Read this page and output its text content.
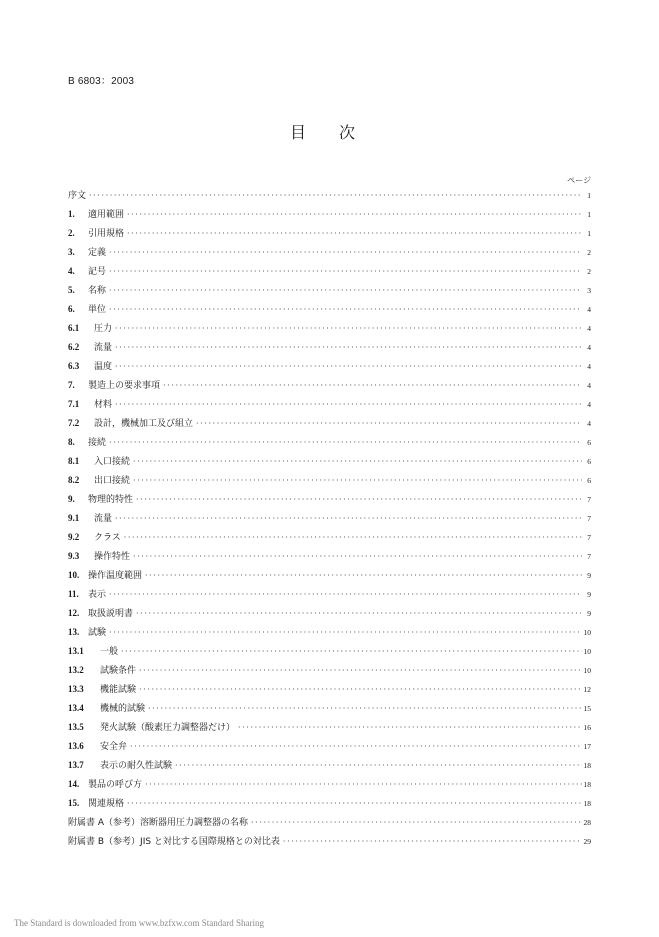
B 6803：2003
目 次
ページ
序文 ·····	1
1.	適用範囲 ·····	1
2.	引用規格 ·····	1
3.	定義 ·····	2
4.	記号 ·····	2
5.	名称 ·····	3
6.	単位 ·····	4
6.1	圧力 ·····	4
6.2	流量 ·····	4
6.3	温度 ·····	4
7.	製造上の要求事項 ·····	4
7.1	材料 ·····	4
7.2	設計，機械加工及び組立 ·····	4
8.	接続 ·····	6
8.1	入口接続 ·····	6
8.2	出口接続 ·····	6
9.	物理的特性 ·····	7
9.1	流量 ·····	7
9.2	クラス ·····	7
9.3	操作特性 ·····	7
10. 操作温度範囲 ·····	9
11.	表示 ·····	9
12. 取扱説明書 ·····	9
13. 試験 ·····	10
13.1	一般 ·····	10
13.2	試験条件 ·····	10
13.3	機能試験 ·····	12
13.4	機械的試験 ·····	15
13.5	発火試験（酸素圧力調整器だけ） ·····	16
13.6	安全弁 ·····	17
13.7	表示の耐久性試験 ·····	18
14. 製品の呼び方 ·····	18
15. 関連規格 ·····	18
附属書 A（参考）溶断器用圧力調整器の名称 ·····	28
附属書 B（参考）JIS と対比する国際規格との対比表 ·····	29
The Standard is downloaded from www.bzfxw.com Standard Sharing
